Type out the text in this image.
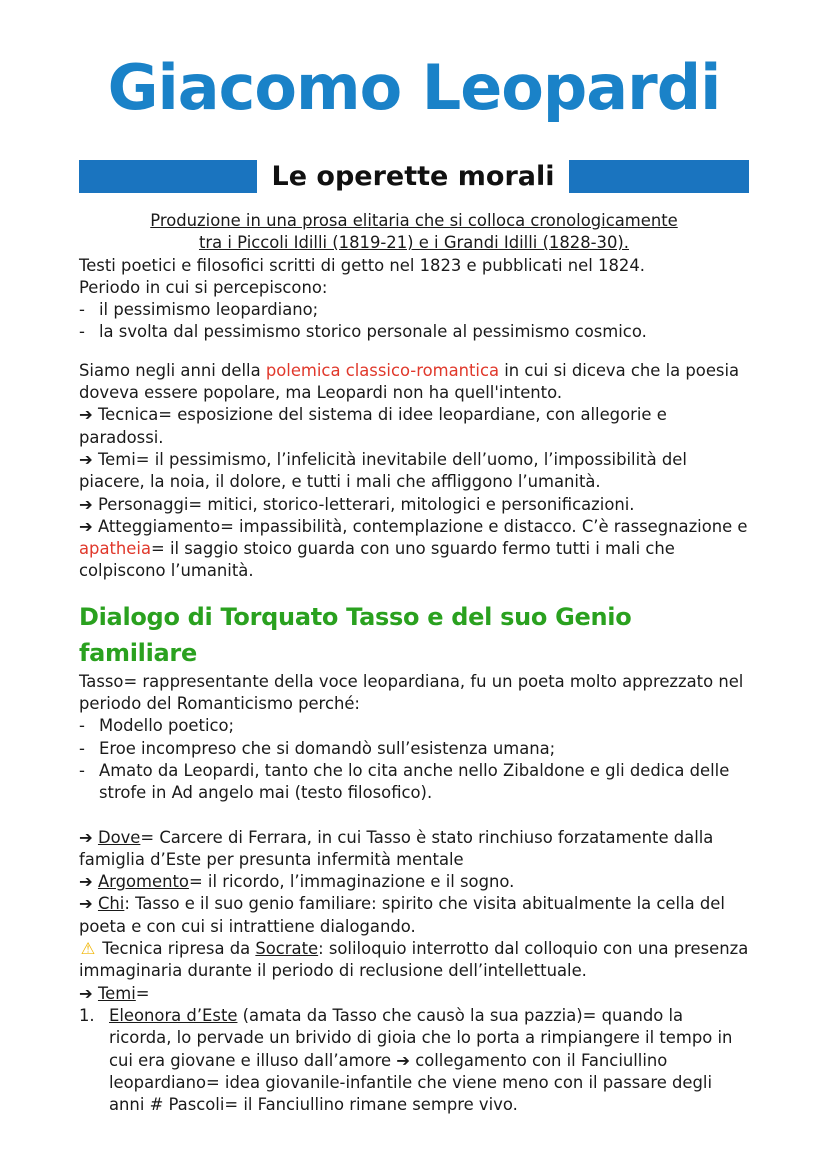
Giacomo Leopardi
Le operette morali

Produzione in una prosa elitaria che si colloca cronologicamente

tra i Piccoli Idilli (1819-21) e i Grandi Idilli (1828-30).

Testi poetici e filosofici scritti di getto nel 1823 e pubblicati nel 1824.

Periodo in cui si percepiscono:

- il pessimismo leopardiano;

- la svolta dal pessimismo storico personale al pessimismo cosmico.

Siamo negli anni della polemica classico-romantica in cui si diceva che la poesia doveva essere popolare, ma Leopardi non ha quell'intento.

➔ Tecnica= esposizione del sistema di idee leopardiane, con allegorie e paradossi.

➔ Temi= il pessimismo, l’infelicità inevitabile dell’uomo, l’impossibilità del piacere, la noia, il dolore, e tutti i mali che affliggono l’umanità.

➔ Personaggi= mitici, storico-letterari, mitologici e personificazioni.

➔ Atteggiamento= impassibilità, contemplazione e distacco. C’è rassegnazione e apatheia= il saggio stoico guarda con uno sguardo fermo tutti i mali che colpiscono l’umanità.

Dialogo di Torquato Tasso e del suo Genio familiare

Tasso= rappresentante della voce leopardiana, fu un poeta molto apprezzato nel periodo del Romanticismo perché:

- Modello poetico;

- Eroe incompreso che si domandò sull’esistenza umana;

- Amato da Leopardi, tanto che lo cita anche nello Zibaldone e gli dedica delle strofe in Ad angelo mai (testo filosofico).

➔ Dove= Carcere di Ferrara, in cui Tasso è stato rinchiuso forzatamente dalla famiglia d’Este per presunta infermità mentale

➔ Argomento= il ricordo, l’immaginazione e il sogno.

➔ Chi: Tasso e il suo genio familiare: spirito che visita abitualmente la cella del poeta e con cui si intrattiene dialogando.

⚠ Tecnica ripresa da Socrate: soliloquio interrotto dal colloquio con una presenza immaginaria durante il periodo di reclusione dell’intellettuale.

➔ Temi=

1. Eleonora d’Este (amata da Tasso che causò la sua pazzia)= quando la ricorda, lo pervade un brivido di gioia che lo porta a rimpiangere il tempo in cui era giovane e illuso dall’amore ➔ collegamento con il Fanciullino leopardiano= idea giovanile-infantile che viene meno con il passare degli anni # Pascoli= il Fanciullino rimane sempre vivo.
